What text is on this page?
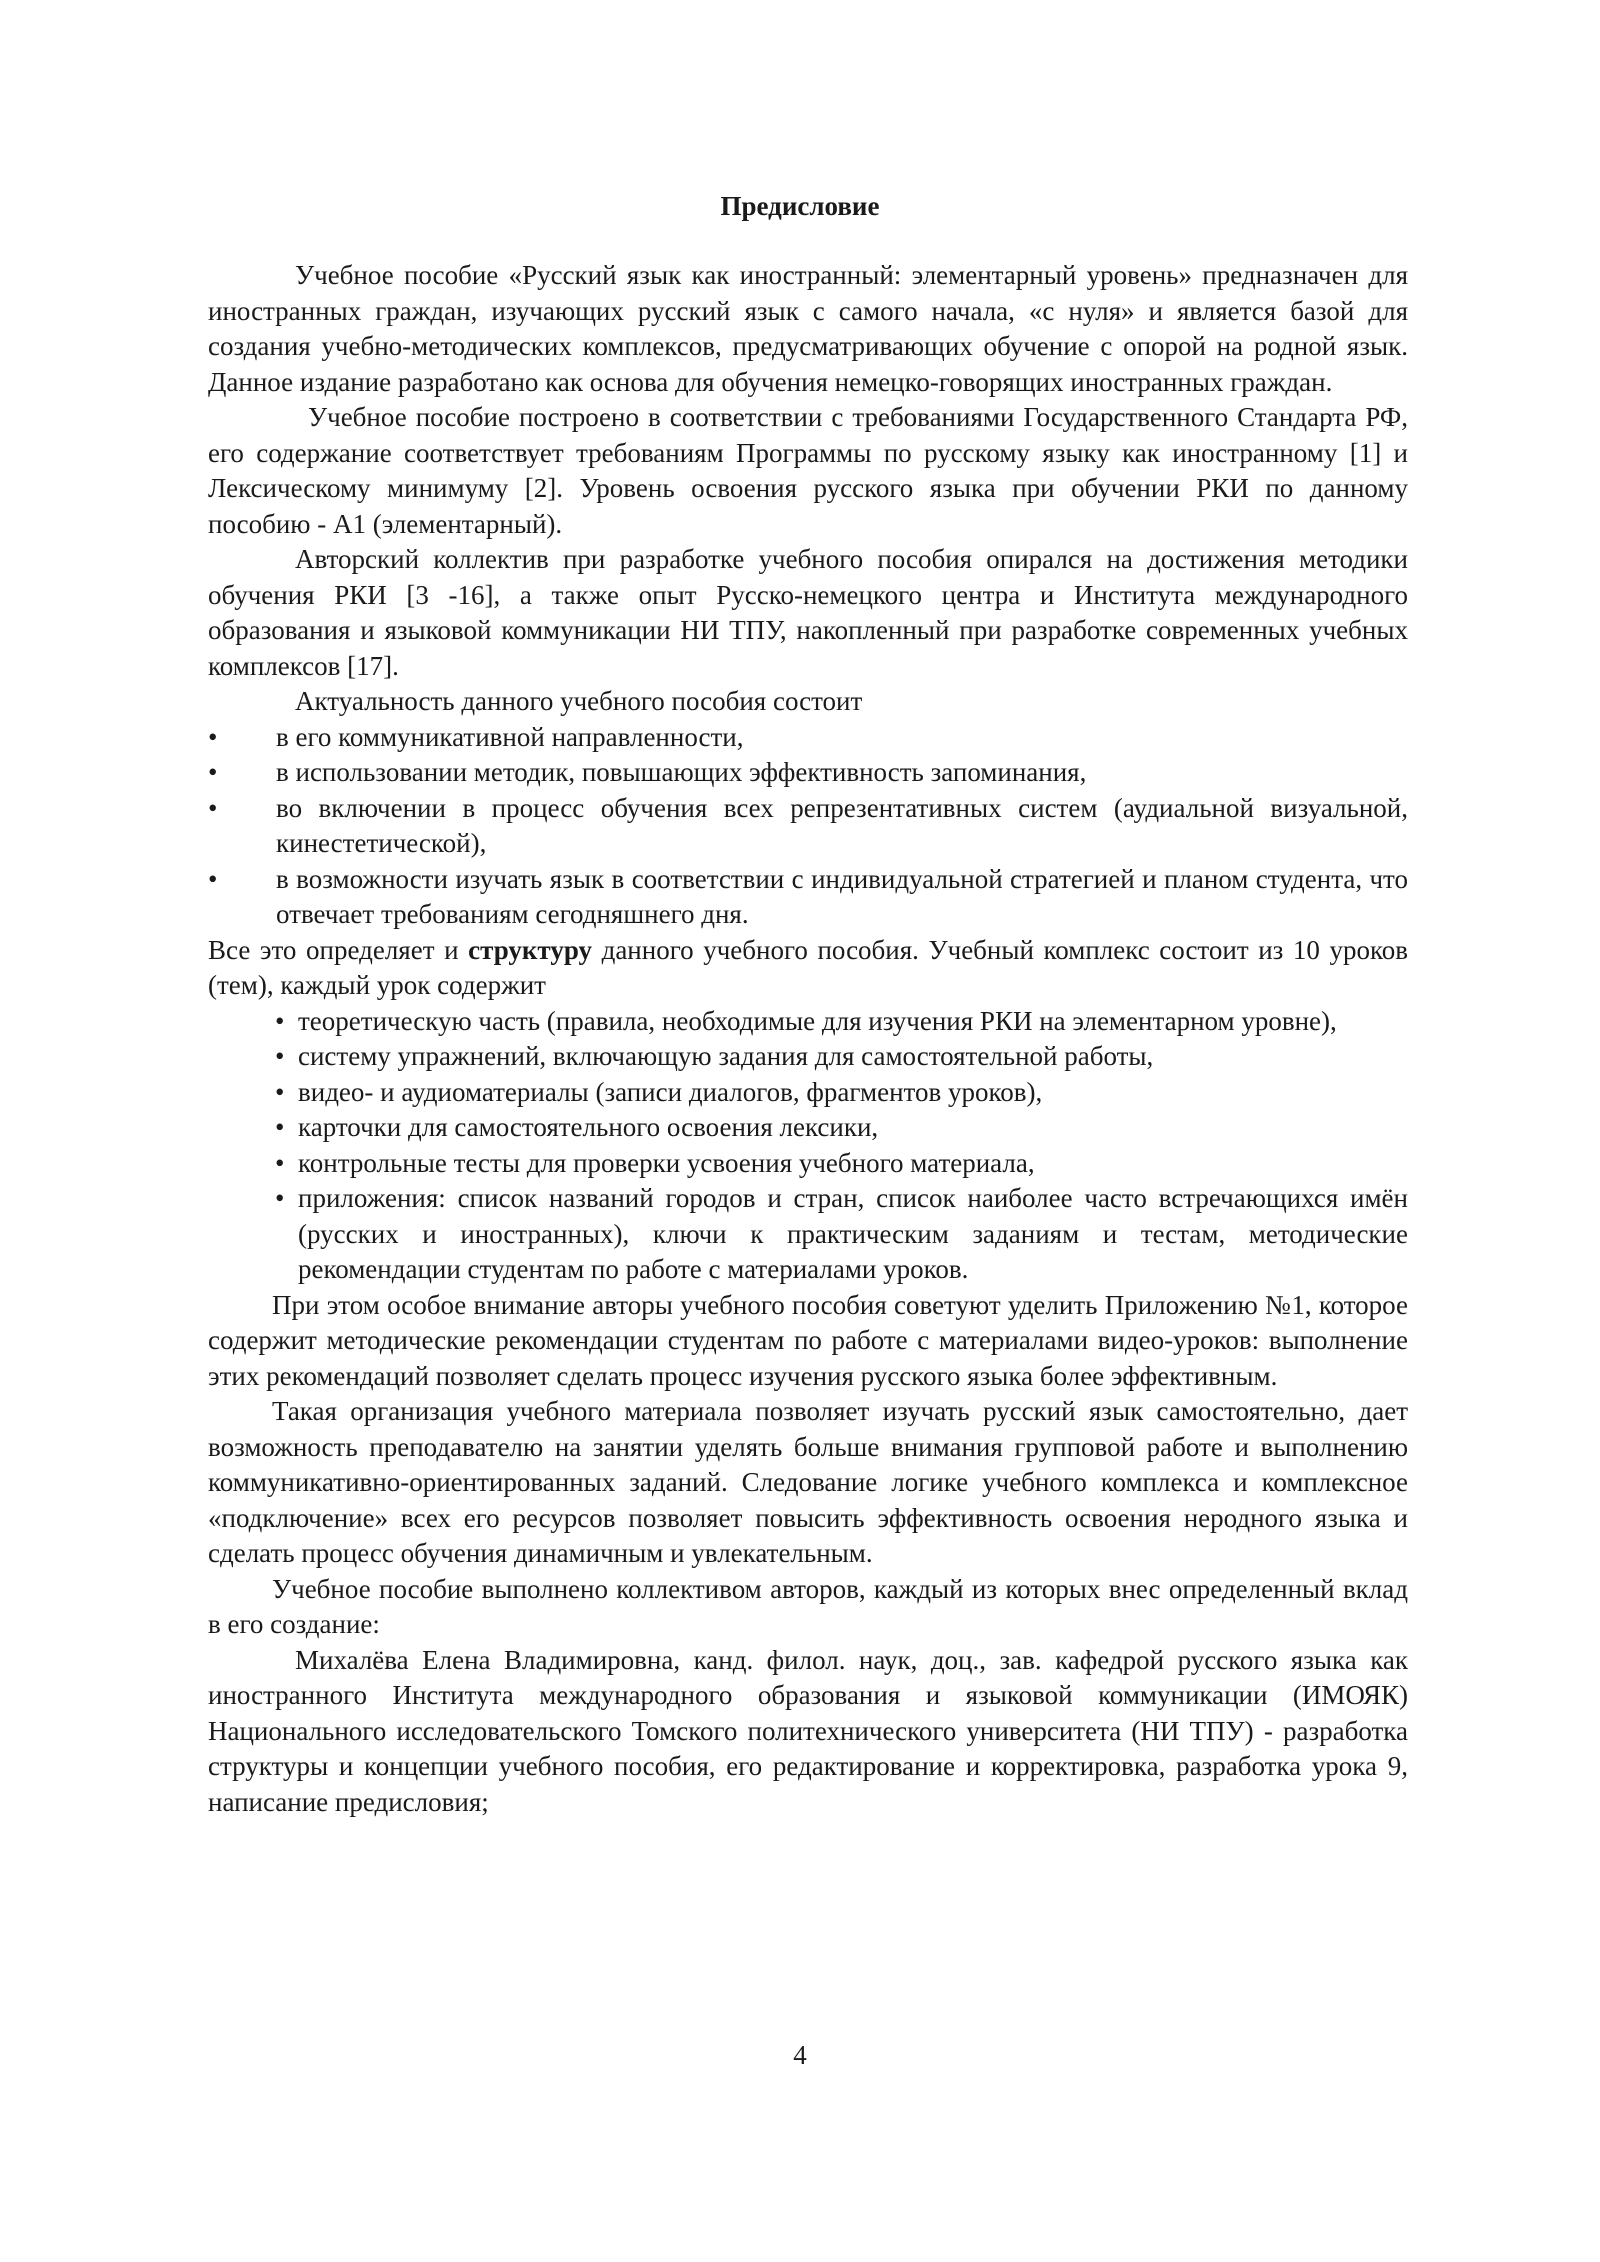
Предисловие

Учебное пособие «Русский язык как иностранный: элементарный уровень» предназначен для иностранных граждан, изучающих русский язык с самого начала, «с нуля» и является базой для создания учебно-методических комплексов, предусматривающих обучение с опорой на родной язык. Данное издание разработано как основа для обучения немецко-говорящих иностранных граждан.

Учебное пособие построено в соответствии с требованиями Государственного Стандарта РФ, его содержание соответствует требованиям Программы по русскому языку как иностранному [1] и Лексическому минимуму [2]. Уровень освоения русского языка при обучении РКИ по данному пособию - А1 (элементарный).

Авторский коллектив при разработке учебного пособия опирался на достижения методики обучения РКИ [3 -16], а также опыт Русско-немецкого центра и Института международного образования и языковой коммуникации НИ ТПУ, накопленный при разработке современных учебных комплексов [17].

Актуальность данного учебного пособия состоит

• в его коммуникативной направленности,
• в использовании методик, повышающих эффективность запоминания,
• во включении в процесс обучения всех репрезентативных систем (аудиальной визуальной, кинестетической),
• в возможности изучать язык в соответствии с индивидуальной стратегией и планом студента, что отвечает требованиям сегодняшнего дня.

Все это определяет и структуру данного учебного пособия. Учебный комплекс состоит из 10 уроков (тем), каждый урок содержит

• теоретическую часть (правила, необходимые для изучения РКИ на элементарном уровне),
• систему упражнений, включающую задания для самостоятельной работы,
• видео- и аудиоматериалы (записи диалогов, фрагментов уроков),
• карточки для самостоятельного освоения лексики,
• контрольные тесты для проверки усвоения учебного материала,
• приложения: список названий городов и стран, список наиболее часто встречающихся имён (русских и иностранных), ключи к практическим заданиям и тестам, методические рекомендации студентам по работе с материалами уроков.

При этом особое внимание авторы учебного пособия советуют уделить Приложению №1, которое содержит методические рекомендации студентам по работе с материалами видео-уроков: выполнение этих рекомендаций позволяет сделать процесс изучения русского языка более эффективным.

Такая организация учебного материала позволяет изучать русский язык самостоятельно, дает возможность преподавателю на занятии уделять больше внимания групповой работе и выполнению коммуникативно-ориентированных заданий. Следование логике учебного комплекса и комплексное «подключение» всех его ресурсов позволяет повысить эффективность освоения неродного языка и сделать процесс обучения динамичным и увлекательным.

Учебное пособие выполнено коллективом авторов, каждый из которых внес определенный вклад в его создание:

Михалёва Елена Владимировна, канд. филол. наук, доц., зав. кафедрой русского языка как иностранного Института международного образования и языковой коммуникации (ИМОЯК) Национального исследовательского Томского политехнического университета (НИ ТПУ) - разработка структуры и концепции учебного пособия, его редактирование и корректировка, разработка урока 9, написание предисловия;

4
